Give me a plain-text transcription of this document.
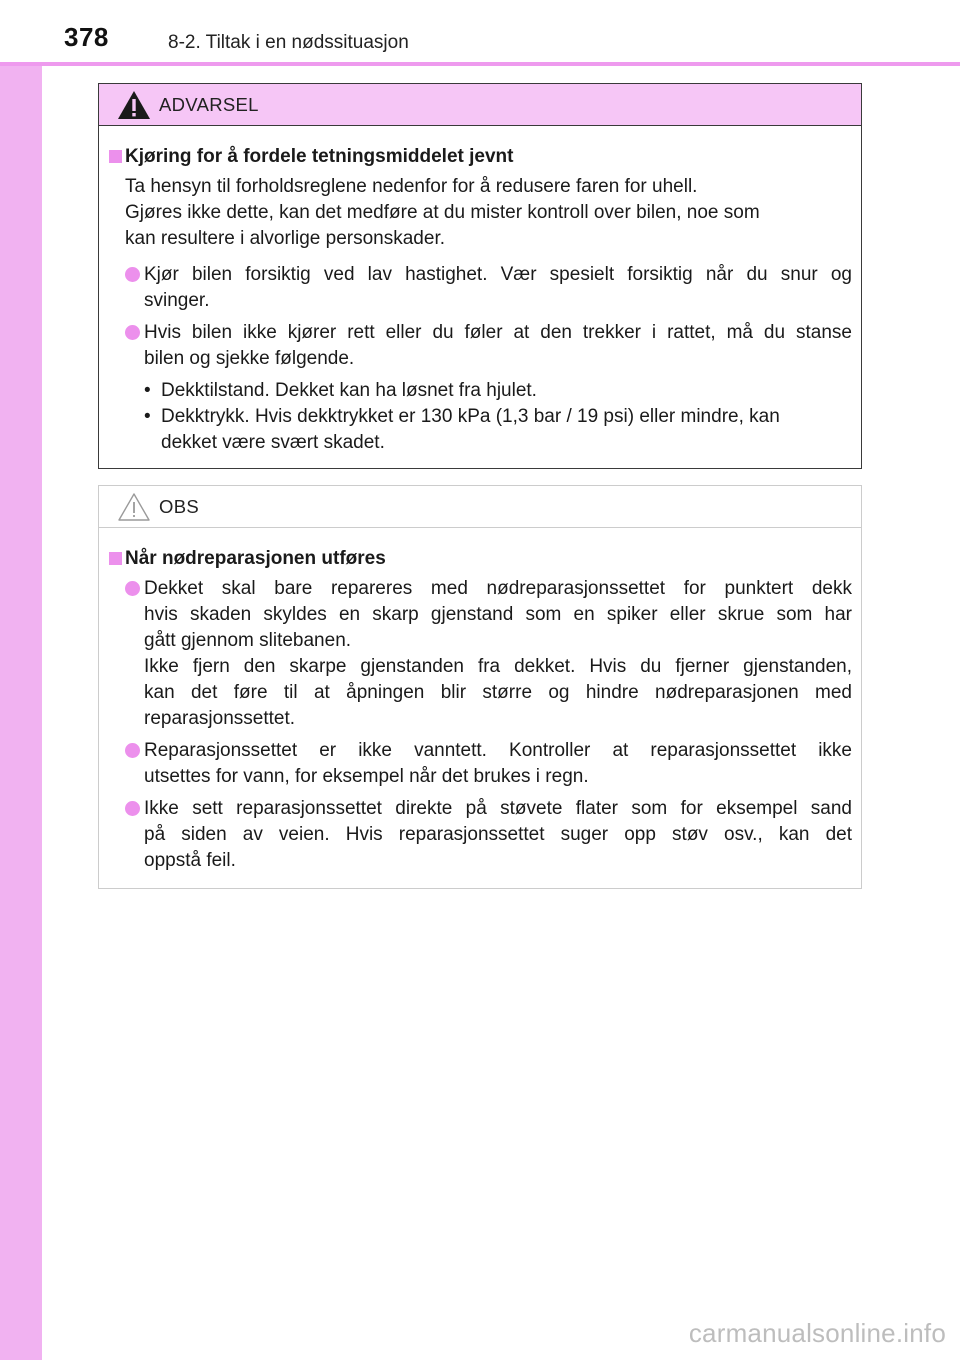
378	8-2. Tiltak i en nødssituasjon
ADVARSEL
Kjøring for å fordele tetningsmiddelet jevnt
Ta hensyn til forholdsreglene nedenfor for å redusere faren for uhell.
Gjøres ikke dette, kan det medføre at du mister kontroll over bilen, noe som
kan resultere i alvorlige personskader.
Kjør bilen forsiktig ved lav hastighet. Vær spesielt forsiktig når du snur og
svinger.
Hvis bilen ikke kjører rett eller du føler at den trekker i rattet, må du stanse
bilen og sjekke følgende.
• Dekktilstand. Dekket kan ha løsnet fra hjulet.
• Dekktrykk. Hvis dekktrykket er 130 kPa (1,3 bar / 19 psi) eller mindre, kan
dekket være svært skadet.
OBS
Når nødreparasjonen utføres
Dekket skal bare repareres med nødreparasjonssettet for punktert dekk
hvis skaden skyldes en skarp gjenstand som en spiker eller skrue som har
gått gjennom slitebanen.
Ikke fjern den skarpe gjenstanden fra dekket. Hvis du fjerner gjenstanden,
kan det føre til at åpningen blir større og hindre nødreparasjonen med
reparasjonssettet.
Reparasjonssettet er ikke vanntett. Kontroller at reparasjonssettet ikke
utsettes for vann, for eksempel når det brukes i regn.
Ikke sett reparasjonssettet direkte på støvete flater som for eksempel sand
på siden av veien. Hvis reparasjonssettet suger opp støv osv., kan det
oppstå feil.
carmanualsonline.info
